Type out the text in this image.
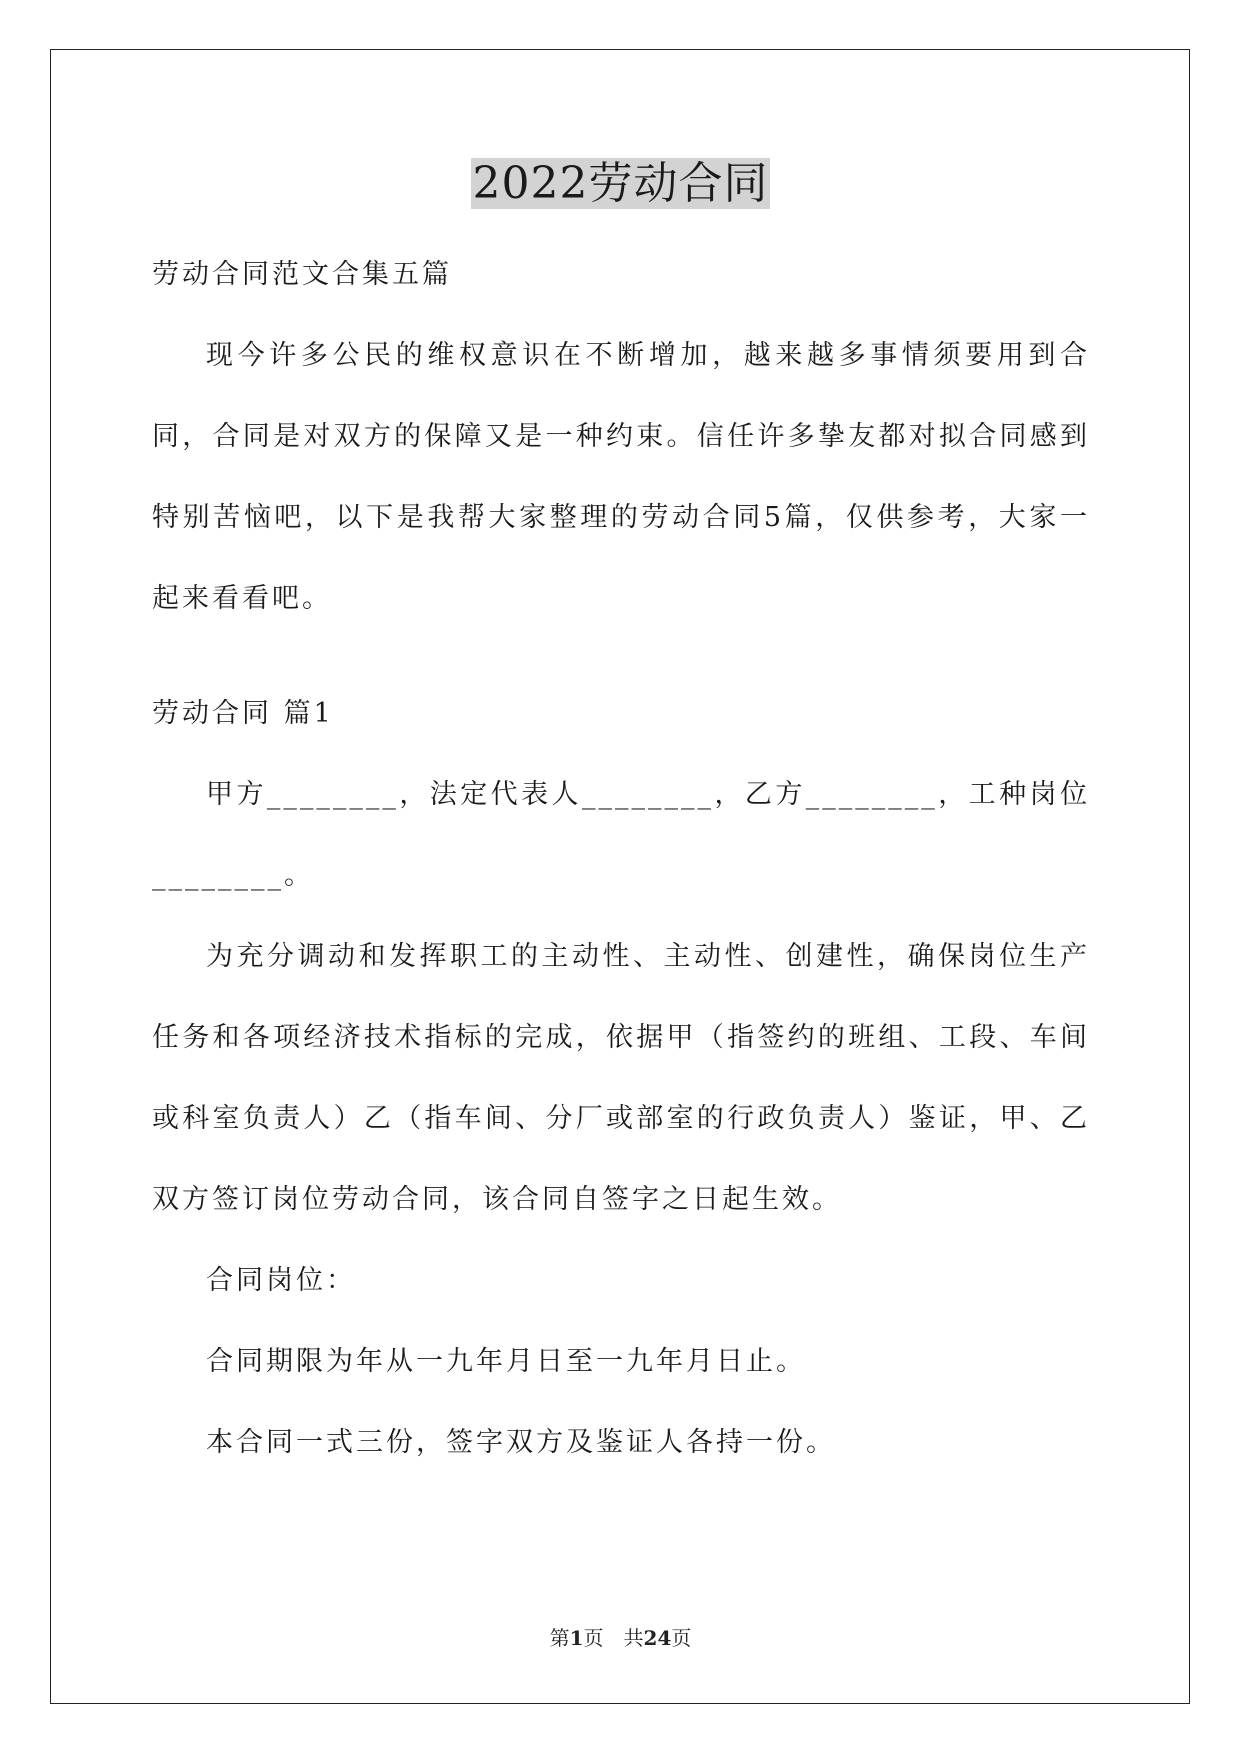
2022劳动合同

劳动合同范文合集五篇

现今许多公民的维权意识在不断增加，越来越多事情须要用到合同，合同是对双方的保障又是一种约束。信任许多挚友都对拟合同感到特别苦恼吧，以下是我帮大家整理的劳动合同5篇，仅供参考，大家一起来看看吧。

劳动合同 篇1

甲方________，法定代表人________，乙方________，工种岗位________。

为充分调动和发挥职工的主动性、主动性、创建性，确保岗位生产任务和各项经济技术指标的完成，依据甲（指签约的班组、工段、车间或科室负责人）乙（指车间、分厂或部室的行政负责人）鉴证，甲、乙双方签订岗位劳动合同，该合同自签字之日起生效。

合同岗位：

合同期限为年从一九年月日至一九年月日止。

本合同一式三份，签字双方及鉴证人各持一份。

第1页　共24页
